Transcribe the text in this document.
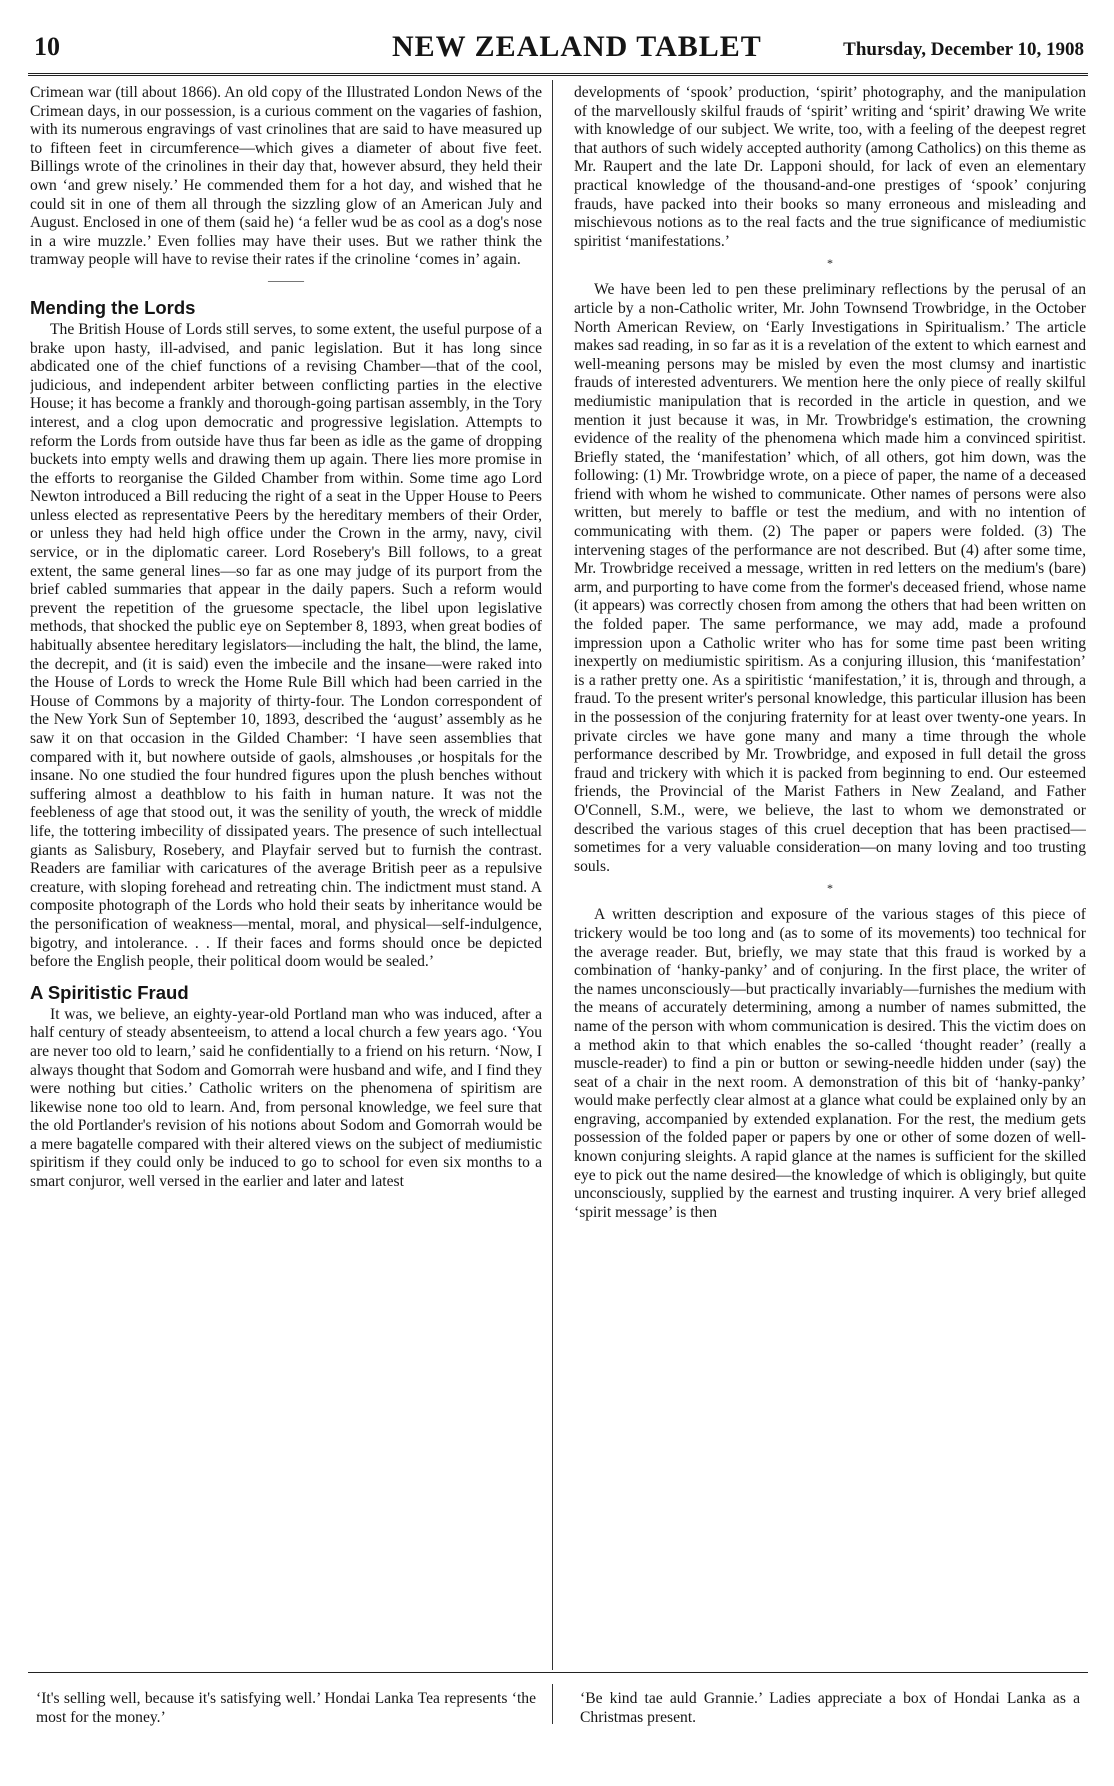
10	NEW ZEALAND TABLET	Thursday, December 10, 1908

Crimean war (till about 1866). An old copy of the Illustrated London News of the Crimean days, in our possession, is a curious comment on the vagaries of fashion, with its numerous engravings of vast crinolines that are said to have measured up to fifteen feet in circumference—which gives a diameter of about five feet. Billings wrote of the crinolines in their day that, however absurd, they held their own ‘and grew nisely.’ He commended them for a hot day, and wished that he could sit in one of them all through the sizzling glow of an American July and August. Enclosed in one of them (said he) ‘a feller wud be as cool as a dog's nose in a wire muzzle.’ Even follies may have their uses. But we rather think the tramway people will have to revise their rates if the crinoline ‘comes in’ again.

———
Mending the Lords

The British House of Lords still serves, to some extent, the useful purpose of a brake upon hasty, ill-advised, and panic legislation. But it has long since abdicated one of the chief functions of a revising Chamber—that of the cool, judicious, and independent arbiter between conflicting parties in the elective House; it has become a frankly and thorough-going partisan assembly, in the Tory interest, and a clog upon democratic and progressive legislation. Attempts to reform the Lords from outside have thus far been as idle as the game of dropping buckets into empty wells and drawing them up again. There lies more promise in the efforts to reorganise the Gilded Chamber from within. Some time ago Lord Newton introduced a Bill reducing the right of a seat in the Upper House to Peers unless elected as representative Peers by the hereditary members of their Order, or unless they had held high office under the Crown in the army, navy, civil service, or in the diplomatic career. Lord Rosebery's Bill follows, to a great extent, the same general lines—so far as one may judge of its purport from the brief cabled summaries that appear in the daily papers. Such a reform would prevent the repetition of the gruesome spectacle, the libel upon legislative methods, that shocked the public eye on September 8, 1893, when great bodies of habitually absentee hereditary legislators—including the halt, the blind, the lame, the decrepit, and (it is said) even the imbecile and the insane—were raked into the House of Lords to wreck the Home Rule Bill which had been carried in the House of Commons by a majority of thirty-four. The London correspondent of the New York Sun of September 10, 1893, described the ‘august’ assembly as he saw it on that occasion in the Gilded Chamber: ‘I have seen assemblies that compared with it, but nowhere outside of gaols, almshouses ,or hospitals for the insane. No one studied the four hundred figures upon the plush benches without suffering almost a deathblow to his faith in human nature. It was not the feebleness of age that stood out, it was the senility of youth, the wreck of middle life, the tottering imbecility of dissipated years. The presence of such intellectual giants as Salisbury, Rosebery, and Playfair served but to furnish the contrast. Readers are familiar with caricatures of the average British peer as a repulsive creature, with sloping forehead and retreating chin. The indictment must stand. A composite photograph of the Lords who hold their seats by inheritance would be the personification of weakness—mental, moral, and physical—self-indulgence, bigotry, and intolerance. . . If their faces and forms should once be depicted before the English people, their political doom would be sealed.’

A Spiritistic Fraud

It was, we believe, an eighty-year-old Portland man who was induced, after a half century of steady absenteeism, to attend a local church a few years ago. ‘You are never too old to learn,’ said he confidentially to a friend on his return. ‘Now, I always thought that Sodom and Gomorrah were husband and wife, and I find they were nothing but cities.’ Catholic writers on the phenomena of spiritism are likewise none too old to learn. And, from personal knowledge, we feel sure that the old Portlander's revision of his notions about Sodom and Gomorrah would be a mere bagatelle compared with their altered views on the subject of mediumistic spiritism if they could only be induced to go to school for even six months to a smart conjuror, well versed in the earlier and later and latest

developments of ‘spook’ production, ‘spirit’ photography, and the manipulation of the marvellously skilful frauds of ‘spirit’ writing and ‘spirit’ drawing We write with knowledge of our subject. We write, too, with a feeling of the deepest regret that authors of such widely accepted authority (among Catholics) on this theme as Mr. Raupert and the late Dr. Lapponi should, for lack of even an elementary practical knowledge of the thousand-and-one prestiges of ‘spook’ conjuring frauds, have packed into their books so many erroneous and misleading and mischievous notions as to the real facts and the true significance of mediumistic spiritist ‘manifestations.’

*

We have been led to pen these preliminary reflections by the perusal of an article by a non-Catholic writer, Mr. John Townsend Trowbridge, in the October North American Review, on ‘Early Investigations in Spiritualism.’ The article makes sad reading, in so far as it is a revelation of the extent to which earnest and well-meaning persons may be misled by even the most clumsy and inartistic frauds of interested adventurers. We mention here the only piece of really skilful mediumistic manipulation that is recorded in the article in question, and we mention it just because it was, in Mr. Trowbridge's estimation, the crowning evidence of the reality of the phenomena which made him a convinced spiritist. Briefly stated, the ‘manifestation’ which, of all others, got him down, was the following: (1) Mr. Trowbridge wrote, on a piece of paper, the name of a deceased friend with whom he wished to communicate. Other names of persons were also written, but merely to baffle or test the medium, and with no intention of communicating with them. (2) The paper or papers were folded. (3) The intervening stages of the performance are not described. But (4) after some time, Mr. Trowbridge received a message, written in red letters on the medium's (bare) arm, and purporting to have come from the former's deceased friend, whose name (it appears) was correctly chosen from among the others that had been written on the folded paper. The same performance, we may add, made a profound impression upon a Catholic writer who has for some time past been writing inexpertly on mediumistic spiritism. As a conjuring illusion, this ‘manifestation’ is a rather pretty one. As a spiritistic ‘manifestation,’ it is, through and through, a fraud. To the present writer's personal knowledge, this particular illusion has been in the possession of the conjuring fraternity for at least over twenty-one years. In private circles we have gone many and many a time through the whole performance described by Mr. Trowbridge, and exposed in full detail the gross fraud and trickery with which it is packed from beginning to end. Our esteemed friends, the Provincial of the Marist Fathers in New Zealand, and Father O'Connell, S.M., were, we believe, the last to whom we demonstrated or described the various stages of this cruel deception that has been practised—sometimes for a very valuable consideration—on many loving and too trusting souls.

*

A written description and exposure of the various stages of this piece of trickery would be too long and (as to some of its movements) too technical for the average reader. But, briefly, we may state that this fraud is worked by a combination of ‘hanky-panky’ and of conjuring. In the first place, the writer of the names unconsciously—but practically invariably—furnishes the medium with the means of accurately determining, among a number of names submitted, the name of the person with whom communication is desired. This the victim does on a method akin to that which enables the so-called ‘thought reader’ (really a muscle-reader) to find a pin or button or sewing-needle hidden under (say) the seat of a chair in the next room. A demonstration of this bit of ‘hanky-panky’ would make perfectly clear almost at a glance what could be explained only by an engraving, accompanied by extended explanation. For the rest, the medium gets possession of the folded paper or papers by one or other of some dozen of well-known conjuring sleights. A rapid glance at the names is sufficient for the skilled eye to pick out the name desired—the knowledge of which is obligingly, but quite unconsciously, supplied by the earnest and trusting inquirer. A very brief alleged ‘spirit message’ is then

‘It's selling well, because it's satisfying well.’ Hondai Lanka Tea represents ‘the most for the money.’
‘Be kind tae auld Grannie.’ Ladies appreciate a box of Hondai Lanka as a Christmas present.
